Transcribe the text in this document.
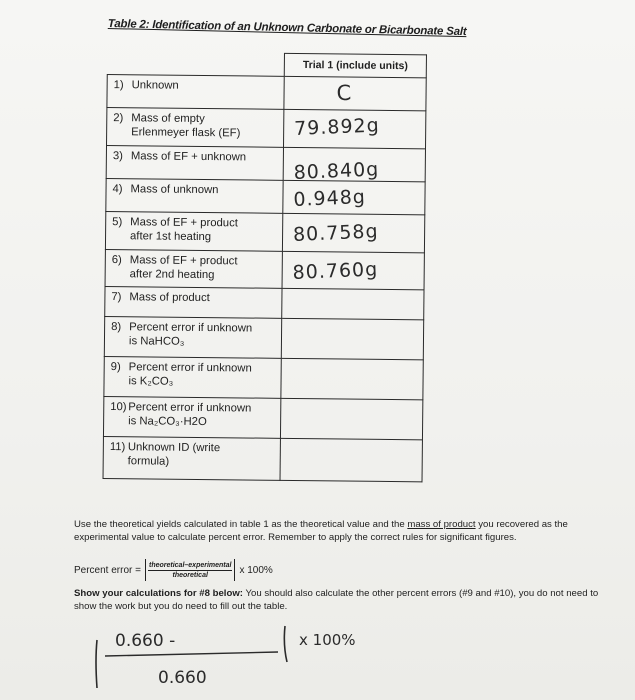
Table 2: Identification of an Unknown Carbonate or Bicarbonate Salt
	Trial 1 (include units)
1) Unknown	C

2) Mass of empty
Erlenmeyer flask (EF)	79.892g

3) Mass of EF + unknown	80.840g

4) Mass of unknown	0.948g

5) Mass of EF + product
after 1st heating	80.758g

6) Mass of EF + product
after 2nd heating	80.760g

7) Mass of product	
8) Percent error if unknown
is NaHCO₃	

9) Percent error if unknown
is K₂CO₃	

10) Percent error if unknown
is Na₂CO₃·H2O	

11) Unknown ID (write
formula)	

Use the theoretical yields calculated in table 1 as the theoretical value and the mass of product you recovered as the experimental value to calculate percent error. Remember to apply the correct rules for significant figures.
Percent error = $\frac{\text{theoretical–experimental}}{\text{theoretical}}$ x 100%
Show your calculations for #8 below: You should also calculate the other percent errors (#9 and #10), you do not need to show the work but you do need to fill out the table.
0.660 -
0.660
x 100%
